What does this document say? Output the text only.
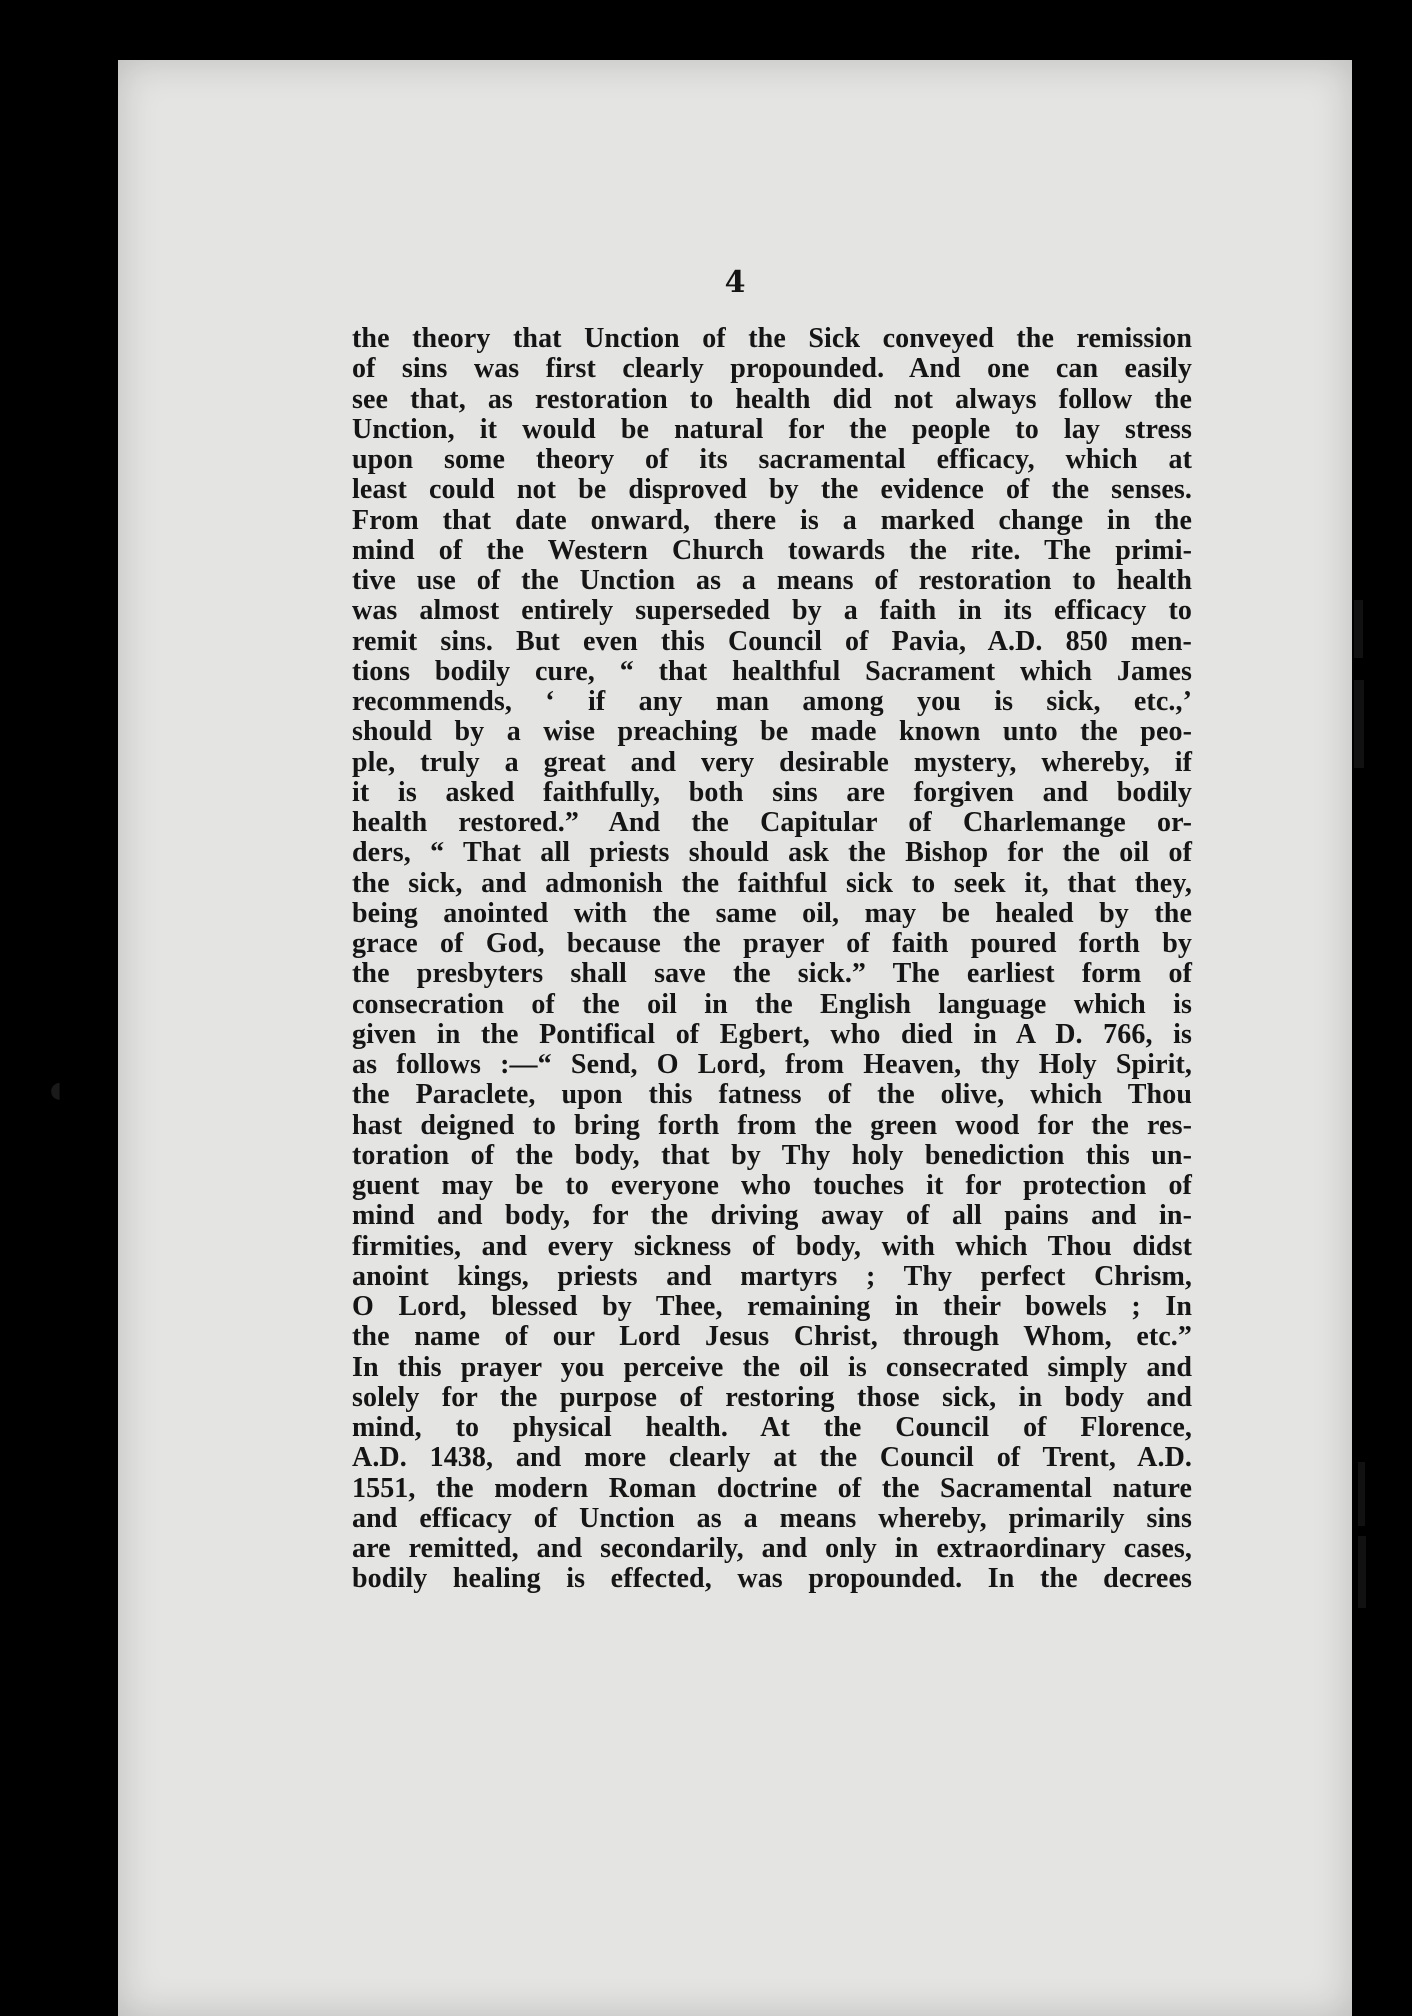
4
the theory that Unction of the Sick conveyed the remission
of sins was first clearly propounded. And one can easily
see that, as restoration to health did not always follow the
Unction, it would be natural for the people to lay stress
upon some theory of its sacramental efficacy, which at
least could not be disproved by the evidence of the senses.
From that date onward, there is a marked change in the
mind of the Western Church towards the rite. The primi-
tive use of the Unction as a means of restoration to health
was almost entirely superseded by a faith in its efficacy to
remit sins. But even this Council of Pavia, A.D. 850 men-
tions bodily cure, “ that healthful Sacrament which James
recommends, ‘ if any man among you is sick, etc.,’
should by a wise preaching be made known unto the peo-
ple, truly a great and very desirable mystery, whereby, if
it is asked faithfully, both sins are forgiven and bodily
health restored.” And the Capitular of Charlemange or-
ders, “ That all priests should ask the Bishop for the oil of
the sick, and admonish the faithful sick to seek it, that they,
being anointed with the same oil, may be healed by the
grace of God, because the prayer of faith poured forth by
the presbyters shall save the sick.” The earliest form of
consecration of the oil in the English language which is
given in the Pontifical of Egbert, who died in A D. 766, is
as follows :—“ Send, O Lord, from Heaven, thy Holy Spirit,
the Paraclete, upon this fatness of the olive, which Thou
hast deigned to bring forth from the green wood for the res-
toration of the body, that by Thy holy benediction this un-
guent may be to everyone who touches it for protection of
mind and body, for the driving away of all pains and in-
firmities, and every sickness of body, with which Thou didst
anoint kings, priests and martyrs ; Thy perfect Chrism,
O Lord, blessed by Thee, remaining in their bowels ; In
the name of our Lord Jesus Christ, through Whom, etc.”
In this prayer you perceive the oil is consecrated simply and
solely for the purpose of restoring those sick, in body and
mind, to physical health. At the Council of Florence,
A.D. 1438, and more clearly at the Council of Trent, A.D.
1551, the modern Roman doctrine of the Sacramental nature
and efficacy of Unction as a means whereby, primarily sins
are remitted, and secondarily, and only in extraordinary cases,
bodily healing is effected, was propounded. In the decrees
◖
